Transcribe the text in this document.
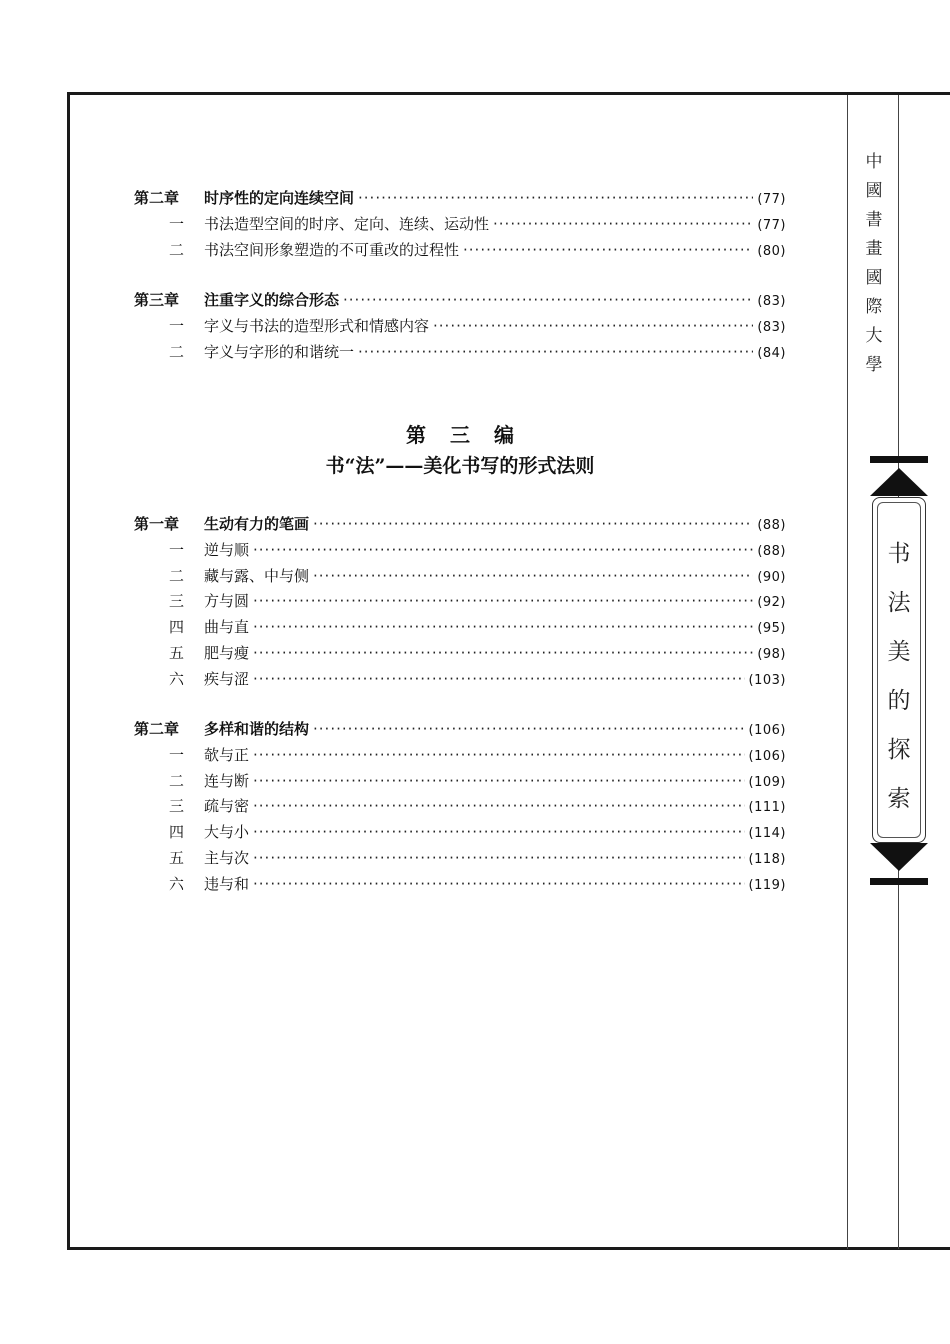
第二章	时序性的定向连续空间 ·····	(77)
一	书法造型空间的时序、定向、连续、运动性 ·····	(77)
二	书法空间形象塑造的不可重改的过程性 ·····	(80)
第三章	注重字义的综合形态 ·····	(83)
一	字义与书法的造型形式和情感内容 ·····	(83)
二	字义与字形的和谐统一 ·····	(84)
第三编
书“法”——美化书写的形式法则
第一章	生动有力的笔画 ·····	(88)
一	逆与顺 ·····	(88)
二	藏与露、中与侧 ·····	(90)
三	方与圆 ·····	(92)
四	曲与直 ·····	(95)
五	肥与瘦 ·····	(98)
六	疾与涩 ·····	(103)
第二章	多样和谐的结构 ·····	(106)
一	欹与正 ·····	(106)
二	连与断 ·····	(109)
三	疏与密 ·····	(111)
四	大与小 ·····	(114)
五	主与次 ·····	(118)
六	违与和 ·····	(119)
中
國
書
畫
國
際
大
學
书
法
美
的
探
索
